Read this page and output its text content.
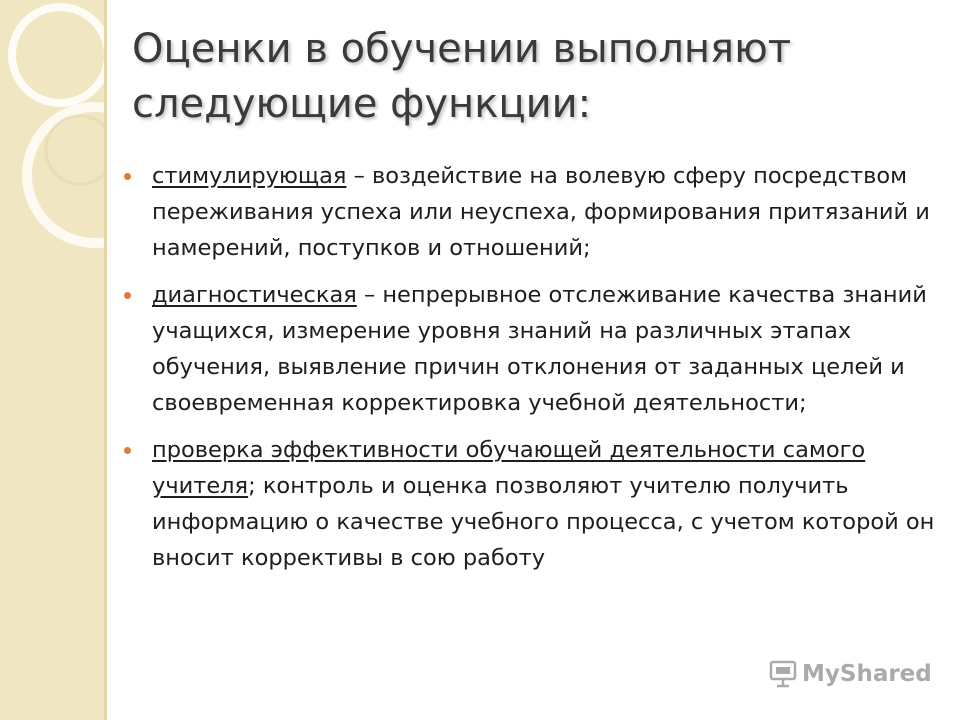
Оценки в обучении выполняют
следующие функции:
стимулирующая – воздействие на волевую сферу посредством переживания успеха или неуспеха, формирования притязаний и намерений, поступков и отношений;
диагностическая – непрерывное отслеживание качества знаний учащихся, измерение уровня знаний на различных этапах обучения, выявление причин отклонения от заданных целей и своевременная корректировка учебной деятельности;
проверка эффективности обучающей деятельности самого учителя; контроль и оценка позволяют учителю получить информацию о качестве учебного процесса, с учетом которой он вносит коррективы в сою работу
MyShared
